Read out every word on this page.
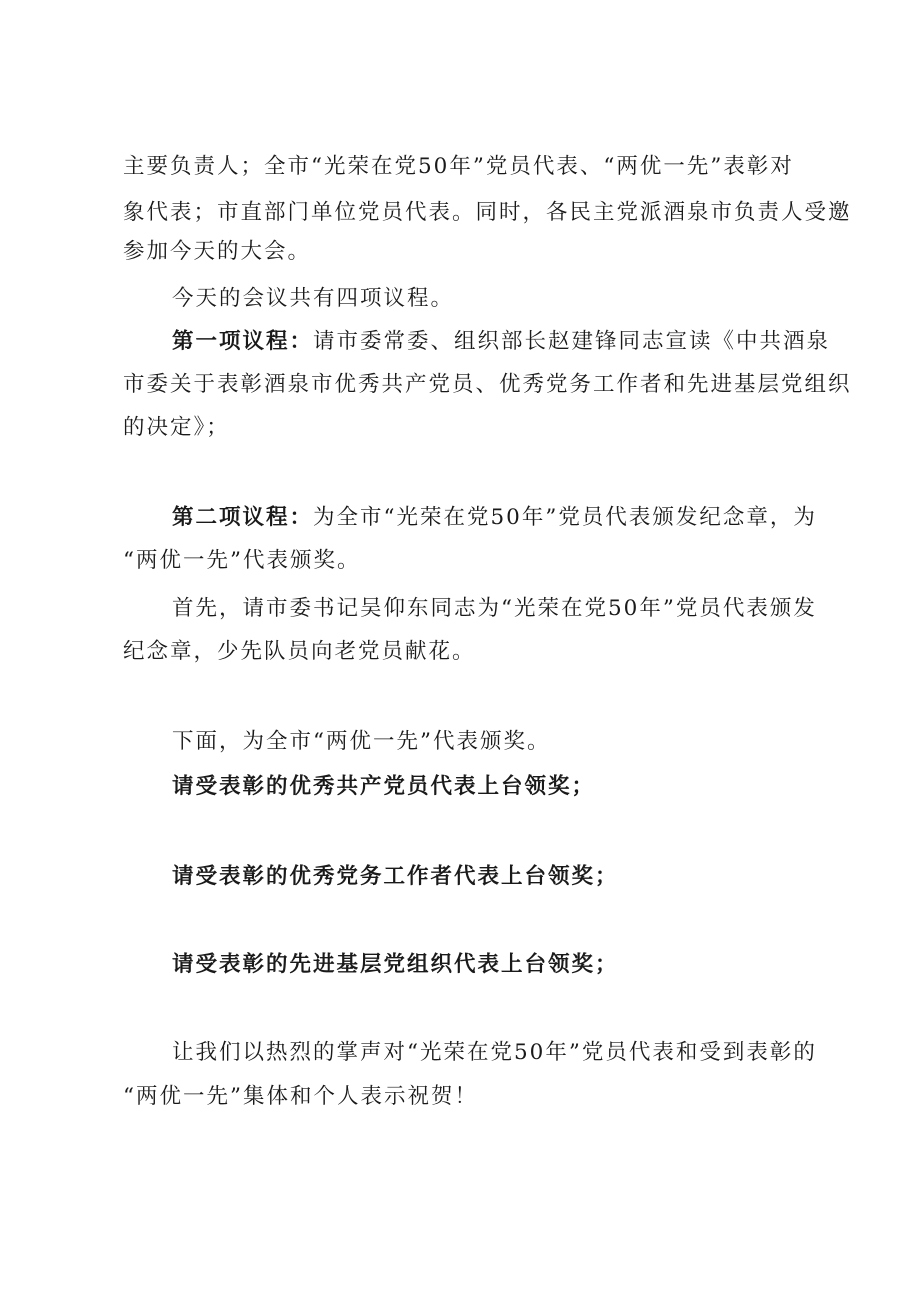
主要负责人；全市“光荣在党50年”党员代表、“两优一先”表彰对
象代表；市直部门单位党员代表。同时，各民主党派酒泉市负责人受邀
参加今天的大会。
今天的会议共有四项议程。
第一项议程：请市委常委、组织部长赵建锋同志宣读《中共酒泉
市委关于表彰酒泉市优秀共产党员、优秀党务工作者和先进基层党组织
的决定》；
第二项议程：为全市“光荣在党50年”党员代表颁发纪念章，为
“两优一先”代表颁奖。
首先，请市委书记吴仰东同志为“光荣在党50年”党员代表颁发
纪念章，少先队员向老党员献花。
下面，为全市“两优一先”代表颁奖。
请受表彰的优秀共产党员代表上台领奖；
请受表彰的优秀党务工作者代表上台领奖；
请受表彰的先进基层党组织代表上台领奖；
让我们以热烈的掌声对“光荣在党50年”党员代表和受到表彰的
“两优一先”集体和个人表示祝贺！
